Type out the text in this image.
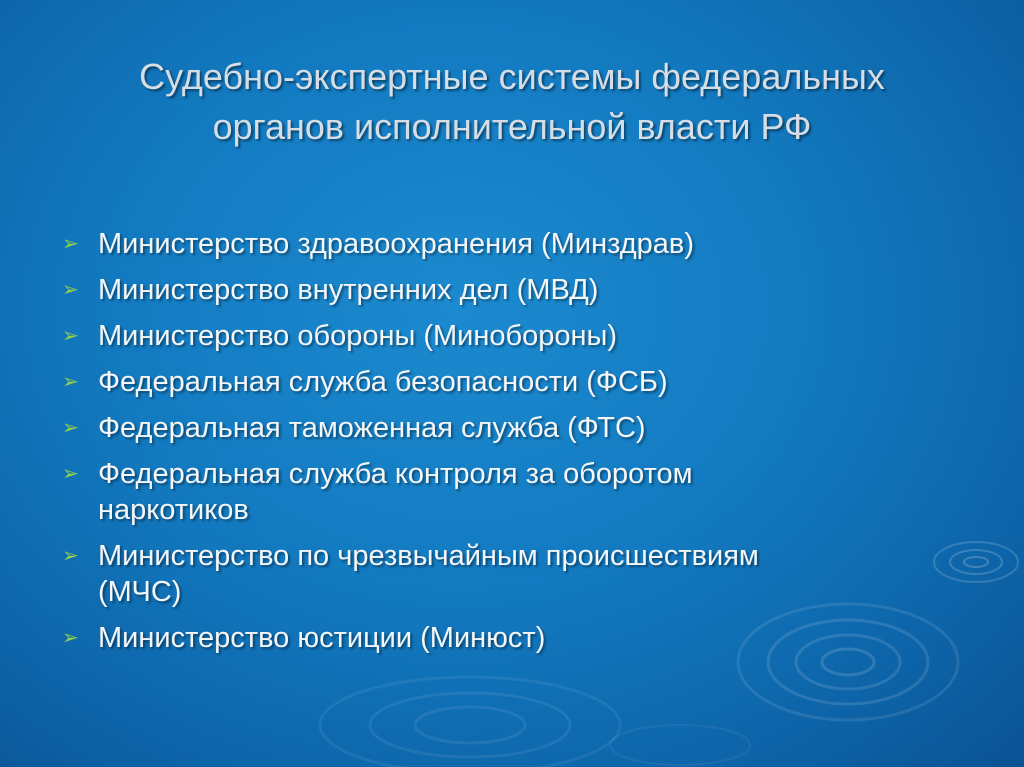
Судебно-экспертные системы федеральных
органов исполнительной власти РФ
➢ Министерство здравоохранения (Минздрав)
➢ Министерство внутренних дел (МВД)
➢ Министерство обороны (Минобороны)
➢ Федеральная служба безопасности (ФСБ)
➢ Федеральная таможенная служба (ФТС)
➢ Федеральная служба контроля за оборотом
наркотиков
➢ Министерство по чрезвычайным происшествиям
(МЧС)
➢ Министерство юстиции (Минюст)
